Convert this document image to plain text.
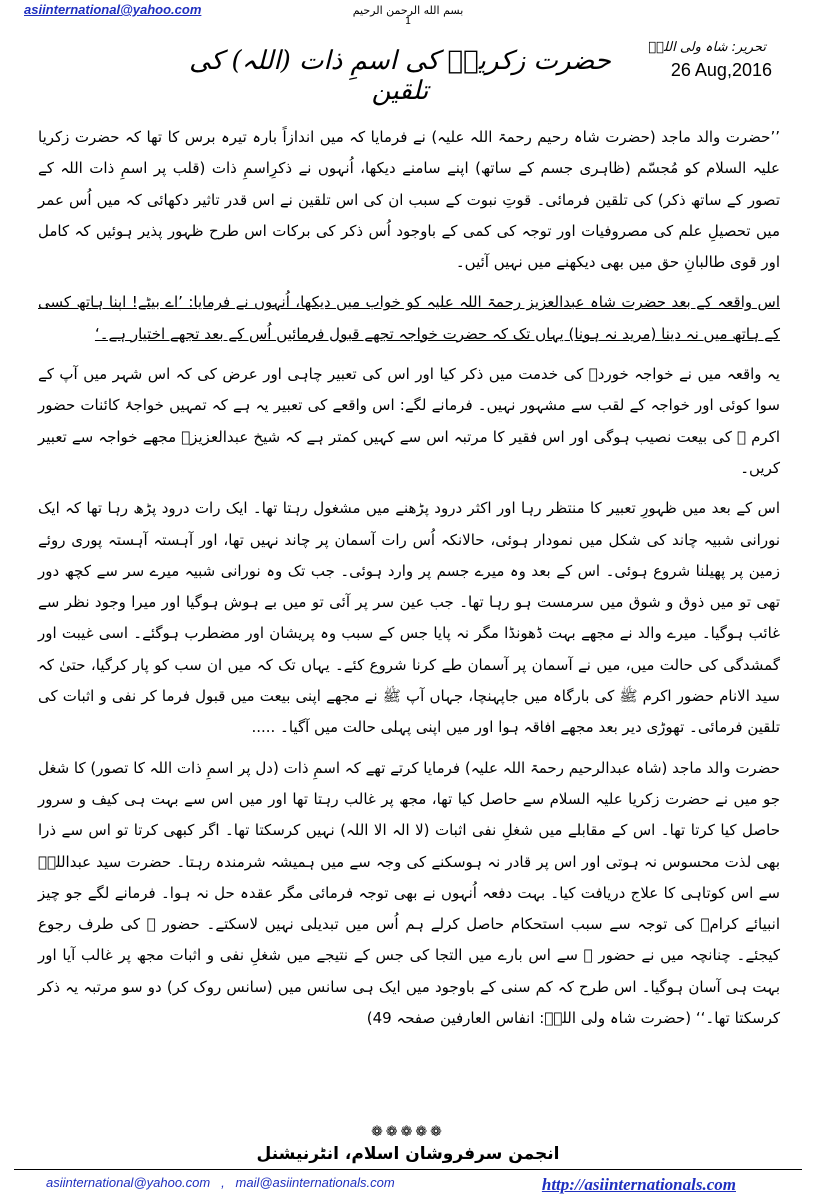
asiinternational@yahoo.com	بسم الله الرحمن الرحیم
1
تحریر: شاہ ولی اللہؒ
26 Aug,2016
حضرت زکریاؑ کی اسمِ ذات (اللہ) کی تلقین

’’حضرت والد ماجد (حضرت شاہ رحیم رحمۃ اللہ علیہ) نے فرمایا کہ میں اندازاً بارہ تیرہ برس کا تھا کہ حضرت زکریا علیہ السلام کو مُجسّم (ظاہری جسم کے ساتھ) اپنے سامنے دیکھا، اُنہوں نے ذکرِاسمِ ذات (قلب پر اسمِ ذات اللہ کے تصور کے ساتھ ذکر) کی تلقین فرمائی۔ قوتِ نبوت کے سبب ان کی اس تلقین نے اس قدر تاثیر دکھائی کہ میں اُس عمر میں تحصیلِ علم کی مصروفیات اور توجہ کی کمی کے باوجود اُس ذکر کی برکات اس طرح ظہور پذیر ہوئیں کہ کامل اور قوی طالبانِ حق میں بھی دیکھنے میں نہیں آئیں۔

اس واقعہ کے بعد حضرت شاہ عبدالعزیز رحمۃ اللہ علیہ کو خواب میں دیکھا، اُنہوں نے فرمایا: ’اے بیٹے! اپنا ہاتھ کسی کے ہاتھ میں نہ دینا (مرید نہ ہونا) یہاں تک کہ حضرت خواجہ تجھے قبول فرمائیں اُس کے بعد تجھے اختیار ہے۔‘

یہ واقعہ میں نے خواجہ خوردؒ کی خدمت میں ذکر کیا اور اس کی تعبیر چاہی اور عرض کی کہ اس شہر میں آپ کے سوا کوئی اور خواجہ کے لقب سے مشہور نہیں۔ فرمانے لگے: اس واقعے کی تعبیر یہ ہے کہ تمہیں خواجۂ کائنات حضور اکرم ﷺ کی بیعت نصیب ہوگی اور اس فقیر کا مرتبہ اس سے کہیں کمتر ہے کہ شیخ عبدالعزیزؒ مجھے خواجہ سے تعبیر کریں۔

اس کے بعد میں ظہورِ تعبیر کا منتظر رہا اور اکثر درود پڑھنے میں مشغول رہتا تھا۔ ایک رات درود پڑھ رہا تھا کہ ایک نورانی شبیہ چاند کی شکل میں نمودار ہوئی، حالانکہ اُس رات آسمان پر چاند نہیں تھا، اور آہستہ آہستہ پوری روئے زمین پر پھیلنا شروع ہوئی۔ اس کے بعد وہ میرے جسم پر وارد ہوئی۔ جب تک وہ نورانی شبیہ میرے سر سے کچھ دور تھی تو میں ذوق و شوق میں سرمست ہو رہا تھا۔ جب عین سر پر آئی تو میں بے ہوش ہوگیا اور میرا وجود نظر سے غائب ہوگیا۔ میرے والد نے مجھے بہت ڈھونڈا مگر نہ پایا جس کے سبب وہ پریشان اور مضطرب ہوگئے۔ اسی غیبت اور گمشدگی کی حالت میں، میں نے آسمان پر آسمان طے کرنا شروع کئے۔ یہاں تک کہ میں ان سب کو پار کرگیا، حتیٰ کہ سید الانام حضور اکرم ﷺ کی بارگاہ میں جاپہنچا، جہاں آپ ﷺ نے مجھے اپنی بیعت میں قبول فرما کر نفی و اثبات کی تلقین فرمائی۔ تھوڑی دیر بعد مجھے افاقہ ہوا اور میں اپنی پہلی حالت میں آگیا۔ .....

حضرت والد ماجد (شاہ عبدالرحیم رحمۃ اللہ علیہ) فرمایا کرتے تھے کہ اسمِ ذات (دل پر اسمِ ذات اللہ کا تصور) کا شغل جو میں نے حضرت زکریا علیہ السلام سے حاصل کیا تھا، مجھ پر غالب رہتا تھا اور میں اس سے بہت ہی کیف و سرور حاصل کیا کرتا تھا۔ اس کے مقابلے میں شغلِ نفی اثبات (لا الہ الا اللہ) نہیں کرسکتا تھا۔ اگر کبھی کرتا تو اس سے ذرا بھی لذت محسوس نہ ہوتی اور اس پر قادر نہ ہوسکنے کی وجہ سے میں ہمیشہ شرمندہ رہتا۔ حضرت سید عبداللہؒ سے اس کوتاہی کا علاج دریافت کیا۔ بہت دفعہ اُنہوں نے بھی توجہ فرمائی مگر عقدہ حل نہ ہوا۔ فرمانے لگے جو چیز انبیائے کرامؑ کی توجہ سے سبب استحکام حاصل کرلے ہم اُس میں تبدیلی نہیں لاسکتے۔ حضور ﷺ کی طرف رجوع کیجئے۔ چنانچہ میں نے حضور ﷺ سے اس بارے میں التجا کی جس کے نتیجے میں شغلِ نفی و اثبات مجھ پر غالب آیا اور بہت ہی آسان ہوگیا۔ اس طرح کہ کم سنی کے باوجود میں ایک ہی سانس میں (سانس روک کر) دو سو مرتبہ یہ ذکر کرسکتا تھا۔‘‘ (حضرت شاہ ولی اللہؒ: انفاس العارفین صفحہ 49)

❁❁❁❁❁
انجمن سرفروشان اسلام، انٹرنیشنل
asiinternational@yahoo.com   ,   mail@asiinternationals.com	http://asiinternationals.com
